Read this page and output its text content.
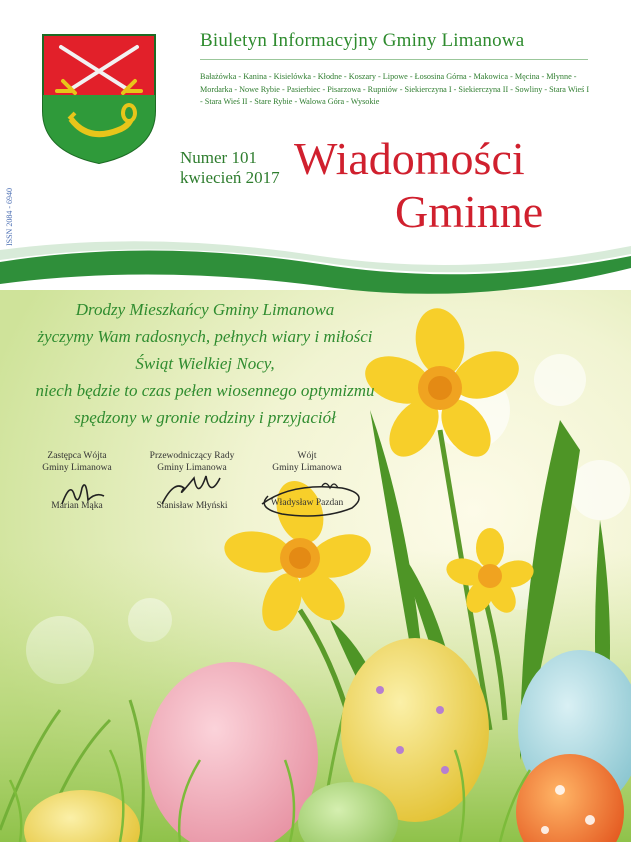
Biuletyn Informacyjny Gminy Limanowa
Bałażówka - Kanina - Kisielówka - Kłodne - Koszary - Lipowe - Łososina Górna - Makowica - Męcina - Młynne - Mordarka - Nowe Rybie - Pasierbiec - Pisarzowa - Rupniów - Siekierczyna I - Siekierczyna II - Sowliny - Stara Wieś I - Stara Wieś II - Stare Rybie - Walowa Góra - Wysokie
ISSN 2084 - 6940
Numer 101
kwiecień 2017 Wiadomości
Gminne
Drodzy Mieszkańcy Gminy Limanowa
życzymy Wam radosnych, pełnych wiary i miłości
Świąt Wielkiej Nocy,
niech będzie to czas pełen wiosennego optymizmu
spędzony w gronie rodziny i przyjaciół
Zastępca Wójta
Gminy Limanowa
Marian Mąka
Przewodniczący Rady
Gminy Limanowa
Stanisław Młyński
Wójt
Gminy Limanowa
Władysław Pazdan
